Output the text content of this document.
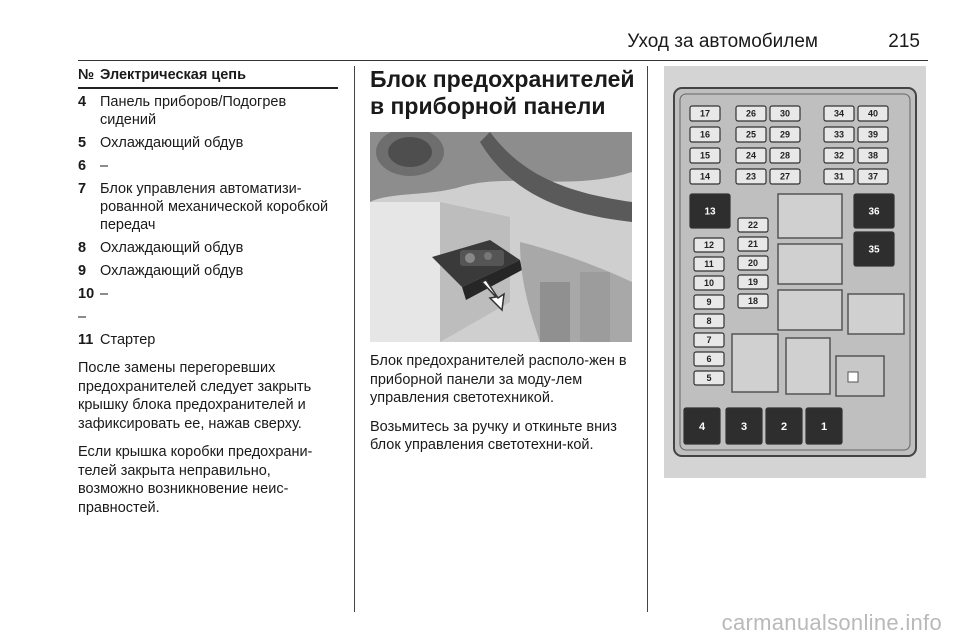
Уход за автомобилем	215
№ Электрическая цепь
4 Панель приборов/Подогрев сидений
5 Охлаждающий обдув
6 –
7 Блок управления автоматизи-рованной механической коробкой передач
8 Охлаждающий обдув
9 Охлаждающий обдув
10 –
–
11 Стартер
После замены перегоревших предохранителей следует закрыть крышку блока предохранителей и зафиксировать ее, нажав сверху.
Если крышка коробки предохрани-телей закрыта неправильно, возможно возникновение неис-правностей.
Блок предохранителей в приборной панели
Блок предохранителей располо-жен в приборной панели за моду-лем управления светотехникой.
Возьмитесь за ручку и откиньте вниз блок управления светотехни-кой.
17
16
15
14
26
25
24
23
30
29
28
27
34
33
32
31
40
39
38
37
13	36
35
12
11
10
9
8
7
6
5
22
21
20
19
18
4	3	2	1
carmanualsonline.info
